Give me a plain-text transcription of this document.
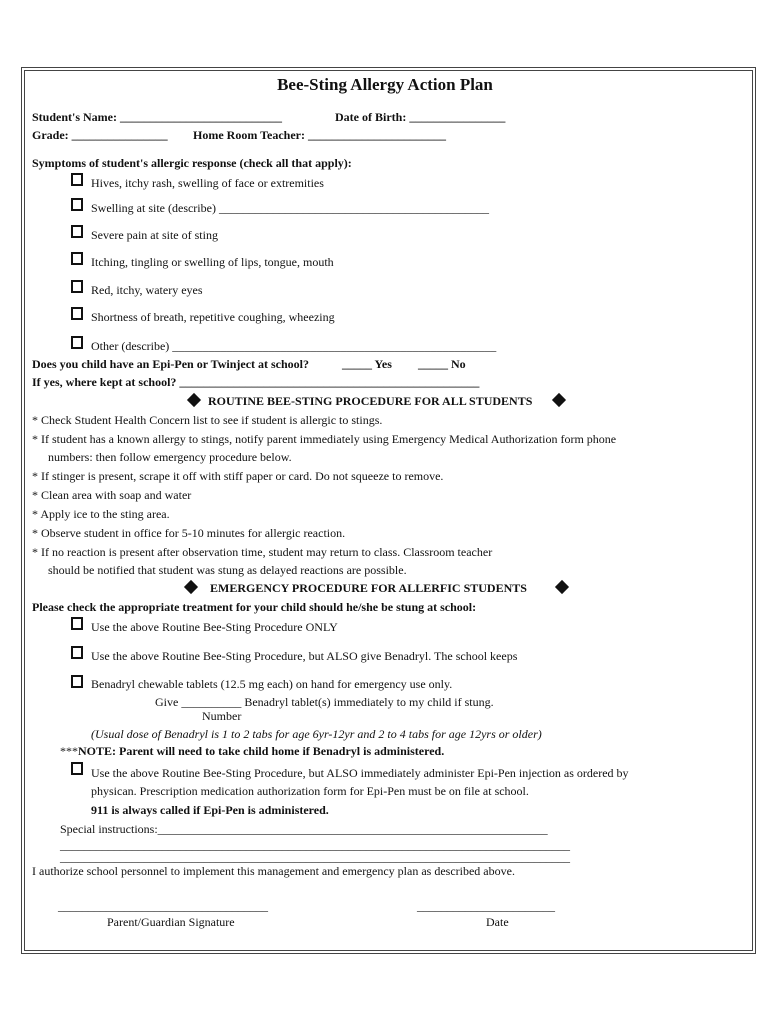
Bee-Sting Allergy Action Plan
Student's Name: ___________________________	Date of Birth: ________________
Grade: ________________ Home Room Teacher: _______________________
Symptoms of student's allergic response (check all that apply):
Hives, itchy rash, swelling of face or extremities
Swelling at site (describe) _____________________________________________
Severe pain at site of sting
Itching, tingling or swelling of lips, tongue, mouth
Red, itchy, watery eyes
Shortness of breath, repetitive coughing, wheezing
Other (describe) ______________________________________________________
Does you child have an Epi-Pen or Twinject at school?	_____ Yes _____ No
If yes, where kept at school? __________________________________________________
ROUTINE BEE-STING PROCEDURE FOR ALL STUDENTS
* Check Student Health Concern list to see if student is allergic to stings.
* If student has a known allergy to stings, notify parent immediately using Emergency Medical Authorization form phone
numbers: then follow emergency procedure below.
* If stinger is present, scrape it off with stiff paper or card. Do not squeeze to remove.
* Clean area with soap and water
* Apply ice to the sting area.
* Observe student in office for 5-10 minutes for allergic reaction.
* If no reaction is present after observation time, student may return to class. Classroom teacher
should be notified that student was stung as delayed reactions are possible.
EMERGENCY PROCEDURE FOR ALLERFIC STUDENTS
Please check the appropriate treatment for your child should he/she be stung at school:
Use the above Routine Bee-Sting Procedure ONLY
Use the above Routine Bee-Sting Procedure, but ALSO give Benadryl. The school keeps
Benadryl chewable tablets (12.5 mg each) on hand for emergency use only.
Give __________ Benadryl tablet(s) immediately to my child if stung.
Number
(Usual dose of Benadryl is 1 to 2 tabs for age 6yr-12yr and 2 to 4 tabs for age 12yrs or older)
***NOTE: Parent will need to take child home if Benadryl is administered.
Use the above Routine Bee-Sting Procedure, but ALSO immediately administer Epi-Pen injection as ordered by
physican. Prescription medication authorization form for Epi-Pen must be on file at school.
911 is always called if Epi-Pen is administered.
Special instructions:_________________________________________________________________
_____________________________________________________________________________________
_____________________________________________________________________________________
I authorize school personnel to implement this management and emergency plan as described above.
___________________________________
Parent/Guardian Signature
_______________________
Date
